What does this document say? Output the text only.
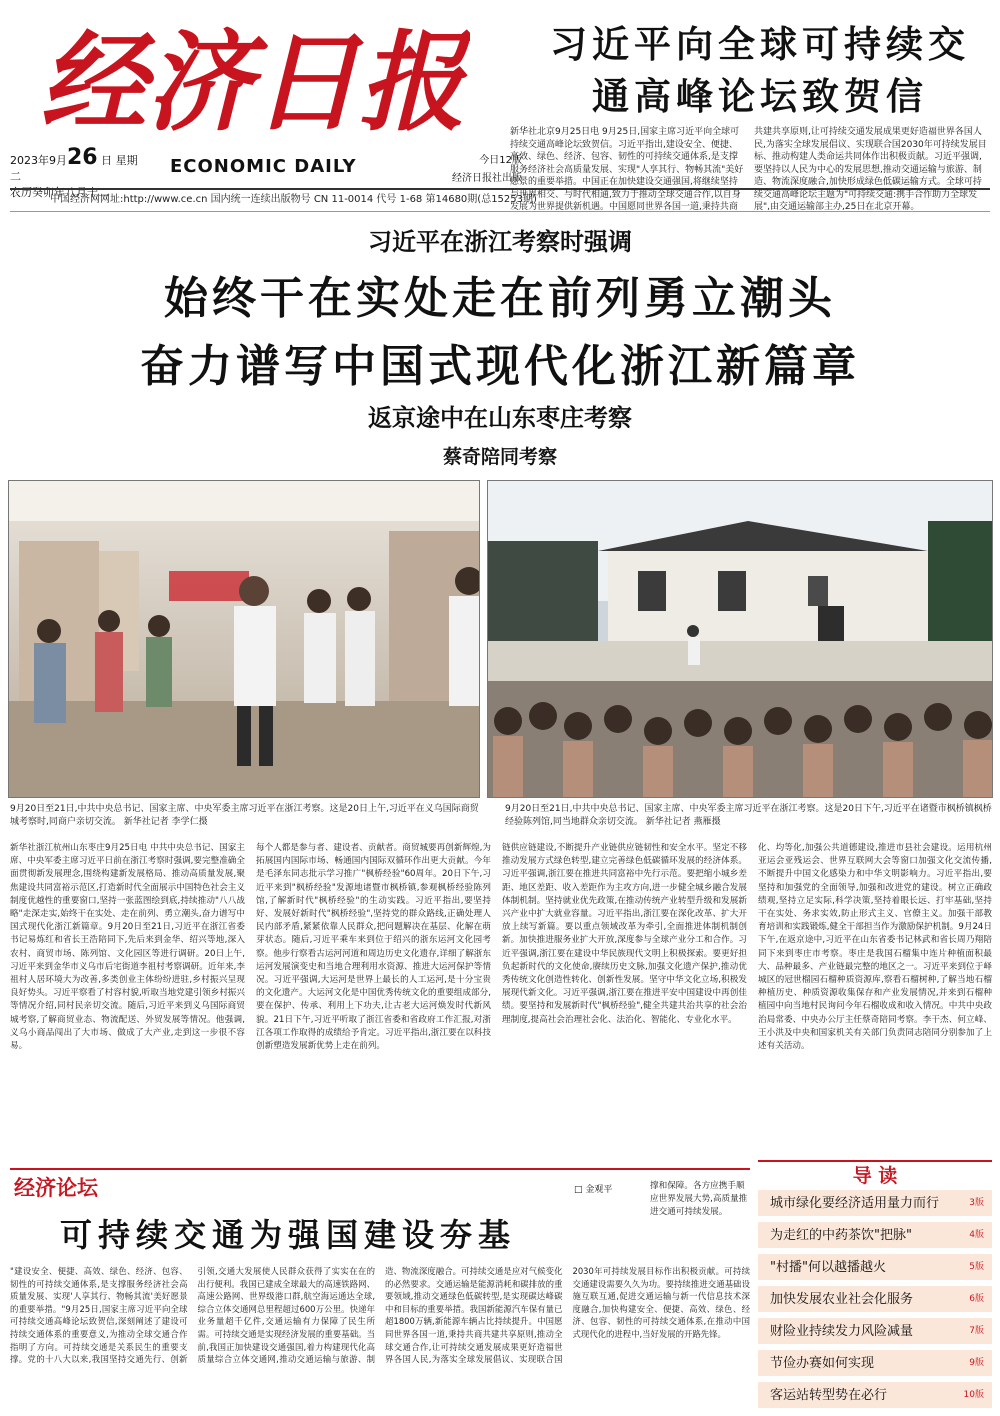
经济日报
2023年9月26 日 星期二
农历癸卯年八月十二
ECONOMIC DAILY	今日12版
经济日报社出版
中国经济网网址:http://www.ce.cn 国内统一连续出版物号 CN 11-0014 代号 1-68 第14680期(总15253期)
习近平向全球可持续交通高峰论坛致贺信
新华社北京9月25日电 9月25日,国家主席习近平向全球可持续交通高峰论坛致贺信。习近平指出,建设安全、便捷、高效、绿色、经济、包容、韧性的可持续交通体系,是支撑服务经济社会高质量发展、实现"人享其行、物畅其流"美好愿景的重要举措。中国正在加快建设交通强国,将继续坚持与世界相交、与时代相通,致力于推动全球交通合作,以自身发展为世界提供新机遇。中国愿同世界各国一道,秉持共商共建共享原则,让可持续交通发展成果更好造福世界各国人民,为落实全球发展倡议、实现联合国2030年可持续发展目标、推动构建人类命运共同体作出积极贡献。习近平强调,要坚持以人民为中心的发展思想,推动交通运输与旅游、制造、物流深度融合,加快形成绿色低碳运输方式。全球可持续交通高峰论坛主题为"可持续交通:携手合作助力全球发展",由交通运输部主办,25日在北京开幕。
习近平在浙江考察时强调
始终干在实处走在前列勇立潮头
奋力谱写中国式现代化浙江新篇章
返京途中在山东枣庄考察
蔡奇陪同考察
9月20日至21日,中共中央总书记、国家主席、中央军委主席习近平在浙江考察。这是20日上午,习近平在义乌国际商贸城考察时,同商户亲切交流。 新华社记者 李学仁摄
9月20日至21日,中共中央总书记、国家主席、中央军委主席习近平在浙江考察。这是20日下午,习近平在诸暨市枫桥镇枫桥经验陈列馆,同当地群众亲切交流。 新华社记者 燕雁摄
新华社浙江杭州山东枣庄9月25日电 中共中央总书记、国家主席、中央军委主席习近平日前在浙江考察时强调,要完整准确全面贯彻新发展理念,围绕构建新发展格局、推动高质量发展,聚焦建设共同富裕示范区,打造新时代全面展示中国特色社会主义制度优越性的重要窗口,坚持一张蓝图绘到底,持续推动"八八战略"走深走实,始终干在实处、走在前列、勇立潮头,奋力谱写中国式现代化浙江新篇章。9月20日至21日,习近平在浙江省委书记易炼红和省长王浩陪同下,先后来到金华、绍兴等地,深入农村、商贸市场、陈列馆、文化园区等进行调研。20日上午,习近平来到金华市义乌市后宅街道李祖村考察调研。近年来,李祖村人居环境大为改善,多类创业主体纷纷进驻,乡村振兴呈现良好势头。习近平察看了村容村貌,听取当地党建引领乡村振兴等情况介绍,同村民亲切交流。随后,习近平来到义乌国际商贸城考察,了解商贸业态、物流配送、外贸发展等情况。他强调,义乌小商品闯出了大市场、做成了大产业,走到这一步很不容易。
每个人都是参与者、建设者、贡献者。商贸城要再创新辉煌,为拓展国内国际市场、畅通国内国际双循环作出更大贡献。今年是毛泽东同志批示学习推广"枫桥经验"60周年。20日下午,习近平来到"枫桥经验"发源地诸暨市枫桥镇,参观枫桥经验陈列馆,了解新时代"枫桥经验"的生动实践。习近平指出,要坚持好、发展好新时代"枫桥经验",坚持党的群众路线,正确处理人民内部矛盾,紧紧依靠人民群众,把问题解决在基层、化解在萌芽状态。随后,习近平乘车来到位于绍兴的浙东运河文化园考察。他步行察看古运河河道和周边历史文化遗存,详细了解浙东运河发展演变史和当地合理利用水资源、推进大运河保护等情况。习近平强调,大运河是世界上最长的人工运河,是十分宝贵的文化遗产。大运河文化是中国优秀传统文化的重要组成部分,要在保护、传承、利用上下功夫,让古老大运河焕发时代新风貌。21日下午,习近平听取了浙江省委和省政府工作汇报,对浙江各项工作取得的成绩给予肯定。习近平指出,浙江要在以科技创新塑造发展新优势上走在前列。
链供应链建设,不断提升产业链供应链韧性和安全水平。坚定不移推动发展方式绿色转型,建立完善绿色低碳循环发展的经济体系。习近平强调,浙江要在推进共同富裕中先行示范。要把缩小城乡差距、地区差距、收入差距作为主攻方向,进一步健全城乡融合发展体制机制。坚持就业优先政策,在推动传统产业转型升级和发展新兴产业中扩大就业容量。习近平指出,浙江要在深化改革、扩大开放上续写新篇。要以重点领域改革为牵引,全面推进体制机制创新。加快推进服务业扩大开放,深度参与全球产业分工和合作。习近平强调,浙江要在建设中华民族现代文明上积极探索。要更好担负起新时代的文化使命,赓续历史文脉,加强文化遗产保护,推动优秀传统文化创造性转化、创新性发展。坚守中华文化立场,积极发展现代新文化。习近平强调,浙江要在推进平安中国建设中再创佳绩。要坚持和发展新时代"枫桥经验",健全共建共治共享的社会治理制度,提高社会治理社会化、法治化、智能化、专业化水平。
化、均等化,加强公共道德建设,推进市县社会建设。运用杭州亚运会亚残运会、世界互联网大会等窗口加强文化交流传播,不断提升中国文化感染力和中华文明影响力。习近平指出,要坚持和加强党的全面领导,加强和改进党的建设。树立正确政绩观,坚持立足实际,科学决策,坚持着眼长远、打牢基础,坚持干在实处、务求实效,防止形式主义、官僚主义。加强干部教育培训和实践锻炼,健全干部担当作为激励保护机制。9月24日下午,在返京途中,习近平在山东省委书记林武和省长周乃翔陪同下来到枣庄市考察。枣庄是我国石榴集中连片种植面积最大、品种最多、产业链最完整的地区之一。习近平来到位于峄城区的冠世榴园石榴种质资源库,察看石榴树种,了解当地石榴种植历史、种质资源收集保存和产业发展情况,并来到石榴种植园中向当地村民询问今年石榴收成和收入情况。中共中央政治局常委、中央办公厅主任蔡奇陪同考察。李干杰、何立峰、王小洪及中央和国家机关有关部门负责同志陪同分别参加了上述有关活动。
经济论坛	□ 金观平
可持续交通为强国建设夯基
撑和保障。各方应携手顺应世界发展大势,高质量推进交通可持续发展。
"建设安全、便捷、高效、绿色、经济、包容、韧性的可持续交通体系,是支撑服务经济社会高质量发展、实现'人享其行、物畅其流'美好愿景的重要举措。"9月25日,国家主席习近平向全球可持续交通高峰论坛致贺信,深刻阐述了建设可持续交通体系的重要意义,为推动全球交通合作指明了方向。可持续交通是关系民生的重要支撑。党的十八大以来,我国坚持交通先行、创新引领,交通大发展使人民群众获得了实实在在的出行便利。我国已建成全球最大的高速铁路网、高速公路网、世界级港口群,航空海运通达全球,综合立体交通网总里程超过600万公里。快递年业务量超千亿件,交通运输有力保障了民生所需。可持续交通是实现经济发展的重要基础。当前,我国正加快建设交通强国,着力构建现代化高质量综合立体交通网,推动交通运输与旅游、制造、物流深度融合。可持续交通是应对气候变化的必然要求。交通运输是能源消耗和碳排放的重要领域,推动交通绿色低碳转型,是实现碳达峰碳中和目标的重要举措。我国新能源汽车保有量已超1800万辆,新能源车辆占比持续提升。中国愿同世界各国一道,秉持共商共建共享原则,推动全球交通合作,让可持续交通发展成果更好造福世界各国人民,为落实全球发展倡议、实现联合国2030年可持续发展目标作出积极贡献。可持续交通建设需要久久为功。要持续推进交通基础设施互联互通,促进交通运输与新一代信息技术深度融合,加快构建安全、便捷、高效、绿色、经济、包容、韧性的可持续交通体系,在推动中国式现代化的进程中,当好发展的开路先锋。
导 读
城市绿化要经济适用量力而行	3版
为走红的中药茶饮"把脉"	4版
"村播"何以越播越火	5版
加快发展农业社会化服务	6版
财险业持续发力风险减量	7版
节俭办赛如何实现	9版
客运站转型势在必行	10版
